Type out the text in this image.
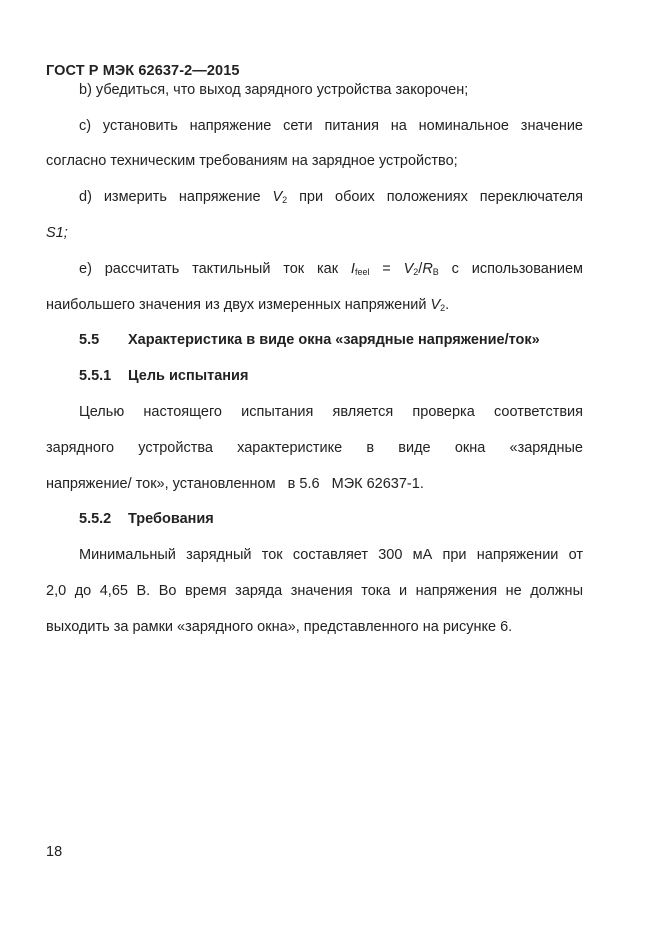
ГОСТ Р МЭК 62637-2—2015
b) убедиться, что выход зарядного устройства закорочен;
c) установить напряжение сети питания на номинальное значение
согласно техническим требованиям на зарядное устройство;
d) измерить напряжение $V_2$ при обоих положениях переключателя
S1;
e) рассчитать тактильный ток как $I_{feel} = V_2/R_B$ с использованием
наибольшего значения из двух измеренных напряжений $V_2$.
5.5 Характеристика в виде окна «зарядные напряжение/ток»
5.5.1 Цель испытания
Целью настоящего испытания является проверка соответствия
зарядного устройства характеристике в виде окна «зарядные
напряжение/ ток», установленном   в 5.6   МЭК 62637-1.
5.5.2 Требования
Минимальный зарядный ток составляет 300 мА при напряжении от
2,0 до 4,65 В. Во время заряда значения тока и напряжения не должны
выходить за рамки «зарядного окна», представленного на рисунке 6.
18
